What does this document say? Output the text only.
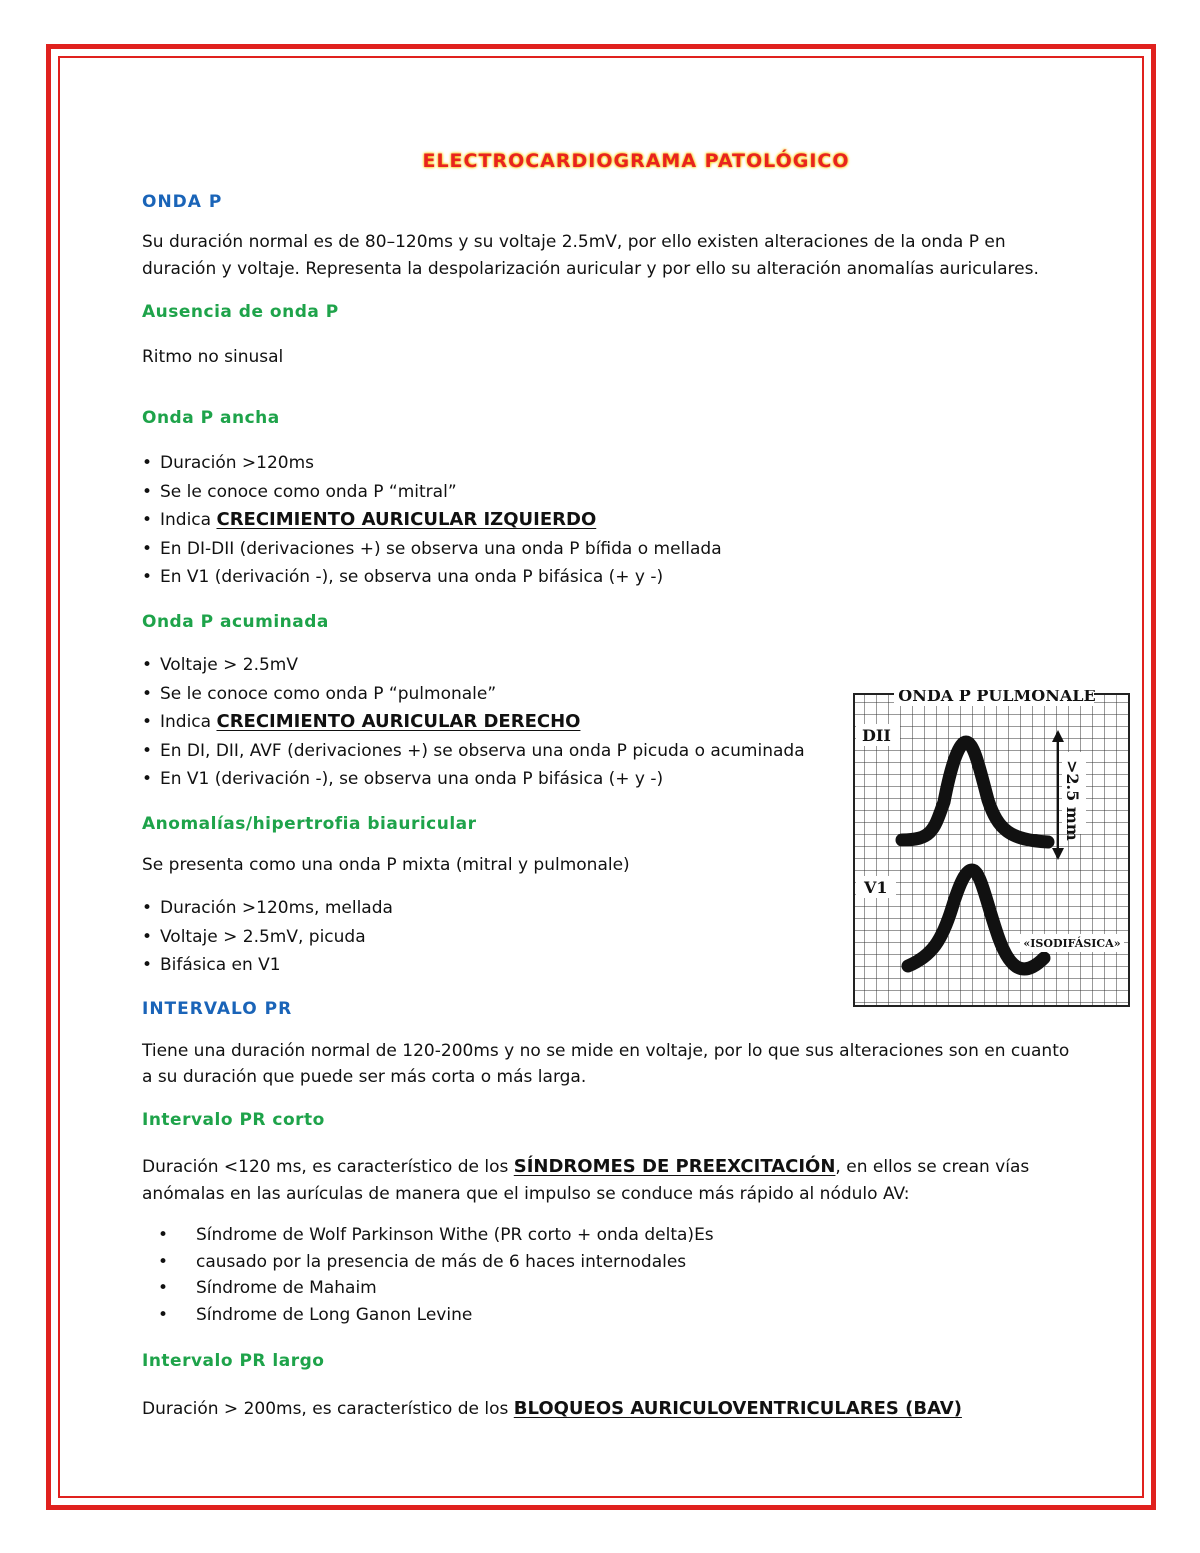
ELECTROCARDIOGRAMA PATOLÓGICO
ONDA P
Su duración normal es de 80–120ms y su voltaje 2.5mV, por ello existen alteraciones de la onda P en
duración y voltaje. Representa la despolarización auricular y por ello su alteración anomalías auriculares.
Ausencia de onda P
Ritmo no sinusal
Onda P ancha
• Duración >120ms
• Se le conoce como onda P “mitral”
• Indica CRECIMIENTO AURICULAR IZQUIERDO
• En DI-DII (derivaciones +) se observa una onda P bífida o mellada
• En V1 (derivación -), se observa una onda P bifásica (+ y -)
Onda P acuminada
• Voltaje > 2.5mV
• Se le conoce como onda P “pulmonale”
• Indica CRECIMIENTO AURICULAR DERECHO
• En DI, DII, AVF (derivaciones +) se observa una onda P picuda o acuminada
• En V1 (derivación -), se observa una onda P bifásica (+ y -)
Anomalías/hipertrofia biauricular
Se presenta como una onda P mixta (mitral y pulmonale)
• Duración >120ms, mellada
• Voltaje > 2.5mV, picuda
• Bifásica en V1
INTERVALO PR
Tiene una duración normal de 120-200ms y no se mide en voltaje, por lo que sus alteraciones son en cuanto
a su duración que puede ser más corta o más larga.
Intervalo PR corto
Duración <120 ms, es característico de los SÍNDROMES DE PREEXCITACIÓN, en ellos se crean vías
anómalas en las aurículas de manera que el impulso se conduce más rápido al nódulo AV:
• Síndrome de Wolf Parkinson Withe (PR corto + onda delta)Es
• causado por la presencia de más de 6 haces internodales
• Síndrome de Mahaim
• Síndrome de Long Ganon Levine
Intervalo PR largo
Duración > 200ms, es característico de los BLOQUEOS AURICULOVENTRICULARES (BAV)
ONDA P PULMONALE
DII
V1
>2.5 mm
«ISODIFÁSICA»
